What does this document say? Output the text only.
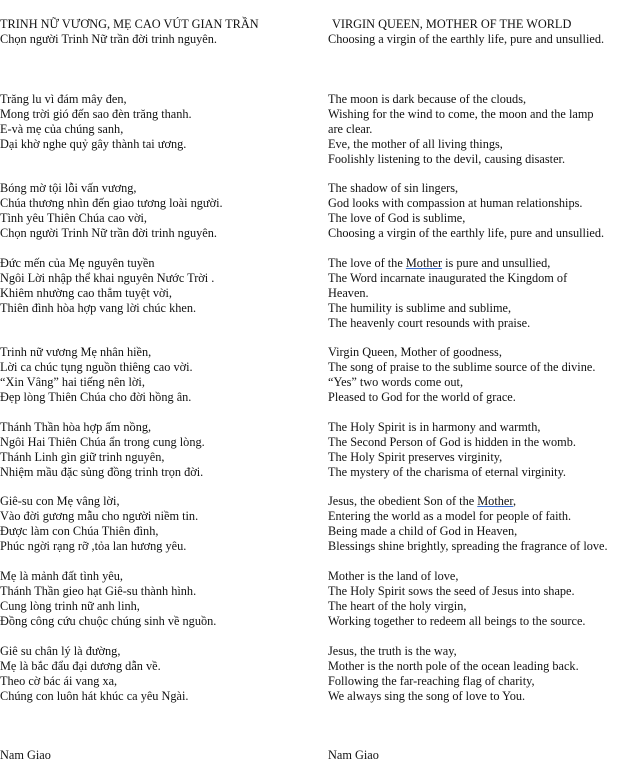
TRINH NỮ VƯƠNG, MẸ CAO VÚT GIAN TRẦN
Chọn người Trinh Nữ trần đời trinh nguyên.
Trăng lu vì đám mây đen,
Mong trời gió đến sao đèn trăng thanh.
E-và mẹ của chúng sanh,
Dại khờ nghe quỷ gây thành tai ương.
Bóng mờ tội lỗi vấn vương,
Chúa thương nhìn đến giao tương loài người.
Tình yêu Thiên Chúa cao vời,
Chọn người Trinh Nữ trần đời trinh nguyên.
Đức mến của Mẹ nguyên tuyền
Ngôi Lời nhập thể khai nguyên Nước Trời .
Khiêm nhường cao thẳm tuyệt vời,
Thiên đình hòa hợp vang lời chúc khen.
Trinh nữ vương Mẹ nhân hiền,
Lời ca chúc tụng nguồn thiêng cao vời.
“Xin Vâng” hai tiếng nên lời,
Đẹp lòng Thiên Chúa cho đời hồng ân.
Thánh Thần hòa hợp ấm nồng,
Ngôi Hai Thiên Chúa ẩn trong cung lòng.
Thánh Linh gìn giữ trinh nguyên,
Nhiệm mầu đặc sủng đồng trinh trọn đời.
Giê-su con Mẹ vâng lời,
Vào đời gương mẫu cho người niềm tin.
Được làm con Chúa Thiên đình,
Phúc ngời rạng rỡ ,tỏa lan hương yêu.
Mẹ là mảnh đất tình yêu,
Thánh Thần gieo hạt Giê-su thành hình.
Cung lòng trinh nữ anh linh,
Đồng công cứu chuộc chúng sinh về nguồn.
Giê su chân lý là đường,
Mẹ là bắc đẩu đại dương dẫn về.
Theo cờ bác ái vang xa,
Chúng con luôn hát khúc ca yêu Ngài.
Nam Giao
VIRGIN QUEEN, MOTHER OF THE WORLD
Choosing a virgin of the earthly life, pure and unsullied.
The moon is dark because of the clouds,
Wishing for the wind to come, the moon and the lamp
are clear.
Eve, the mother of all living things,
Foolishly listening to the devil, causing disaster.
The shadow of sin lingers,
God looks with compassion at human relationships.
The love of God is sublime,
Choosing a virgin of the earthly life, pure and unsullied.
The love of the Mother is pure and unsullied,
The Word incarnate inaugurated the Kingdom of
Heaven.
The humility is sublime and sublime,
The heavenly court resounds with praise.
Virgin Queen, Mother of goodness,
The song of praise to the sublime source of the divine.
“Yes” two words come out,
Pleased to God for the world of grace.
The Holy Spirit is in harmony and warmth,
The Second Person of God is hidden in the womb.
The Holy Spirit preserves virginity,
The mystery of the charisma of eternal virginity.
Jesus, the obedient Son of the Mother,
Entering the world as a model for people of faith.
Being made a child of God in Heaven,
Blessings shine brightly, spreading the fragrance of love.
Mother is the land of love,
The Holy Spirit sows the seed of Jesus into shape.
The heart of the holy virgin,
Working together to redeem all beings to the source.
Jesus, the truth is the way,
Mother is the north pole of the ocean leading back.
Following the far-reaching flag of charity,
We always sing the song of love to You.
Nam Giao
